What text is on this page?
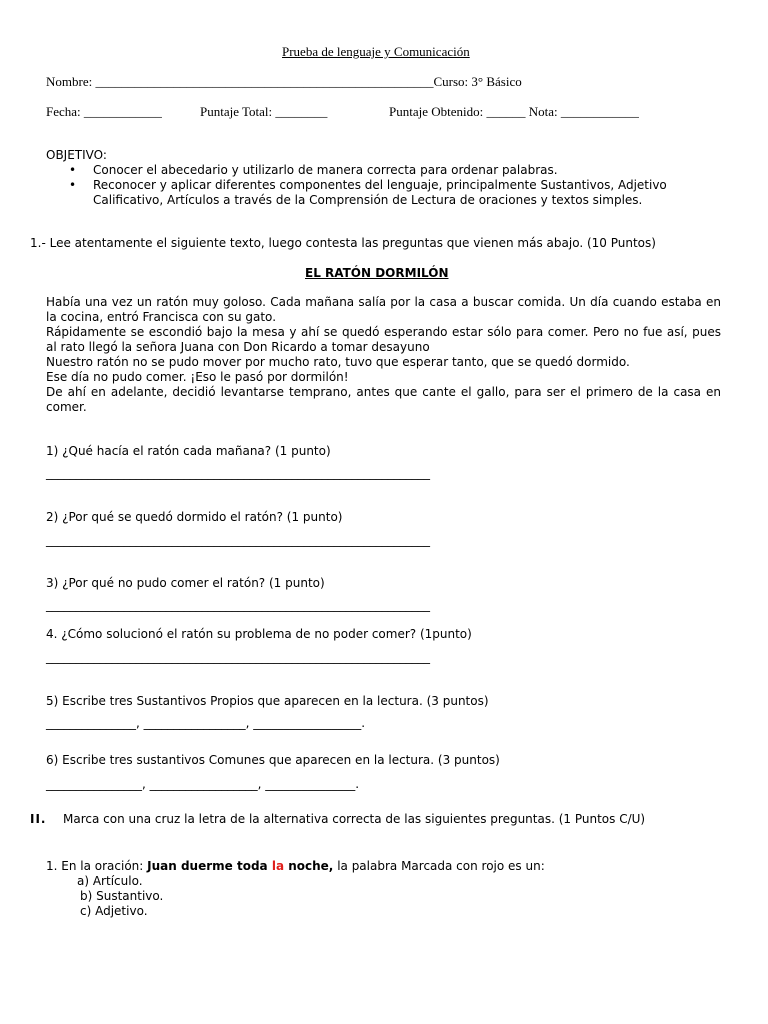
Prueba de lenguaje y Comunicación
Nombre: ____________________________________________________Curso: 3° Básico
Fecha: ____________	Puntaje Total: ________	Puntaje Obtenido: ______ Nota: ____________
OBJETIVO:
• Conocer el abecedario y utilizarlo de manera correcta para ordenar palabras.
• Reconocer y aplicar diferentes componentes del lenguaje, principalmente Sustantivos, Adjetivo Calificativo, Artículos a través de la Comprensión de Lectura de oraciones y textos simples.
1.- Lee atentamente el siguiente texto, luego contesta las preguntas que vienen más abajo. (10 Puntos)
EL RATÓN DORMILÓN
Había una vez un ratón muy goloso. Cada mañana salía por la casa a buscar comida. Un día cuando estaba en la cocina, entró Francisca con su gato.
Rápidamente se escondió bajo la mesa y ahí se quedó esperando estar sólo para comer. Pero no fue así, pues al rato llegó la señora Juana con Don Ricardo a tomar desayuno
Nuestro ratón no se pudo mover por mucho rato, tuvo que esperar tanto, que se quedó dormido.
Ese día no pudo comer. ¡Eso le pasó por dormilón!
De ahí en adelante, decidió levantarse temprano, antes que cante el gallo, para ser el primero de la casa en comer.
1) ¿Qué hacía el ratón cada mañana? (1 punto)
________________________________________________________________
2) ¿Por qué se quedó dormido el ratón? (1 punto)
________________________________________________________________
3) ¿Por qué no pudo comer el ratón? (1 punto)
________________________________________________________________
4. ¿Cómo solucionó el ratón su problema de no poder comer? (1punto)
________________________________________________________________
5) Escribe tres Sustantivos Propios que aparecen en la lectura. (3 puntos)
_______________, _________________, __________________.
6) Escribe tres sustantivos Comunes que aparecen en la lectura. (3 puntos)
________________, __________________, _______________.
II. Marca con una cruz la letra de la alternativa correcta de las siguientes preguntas. (1 Puntos C/U)
1. En la oración: Juan duerme toda la noche, la palabra Marcada con rojo es un:
a) Artículo.
b) Sustantivo.
c) Adjetivo.
